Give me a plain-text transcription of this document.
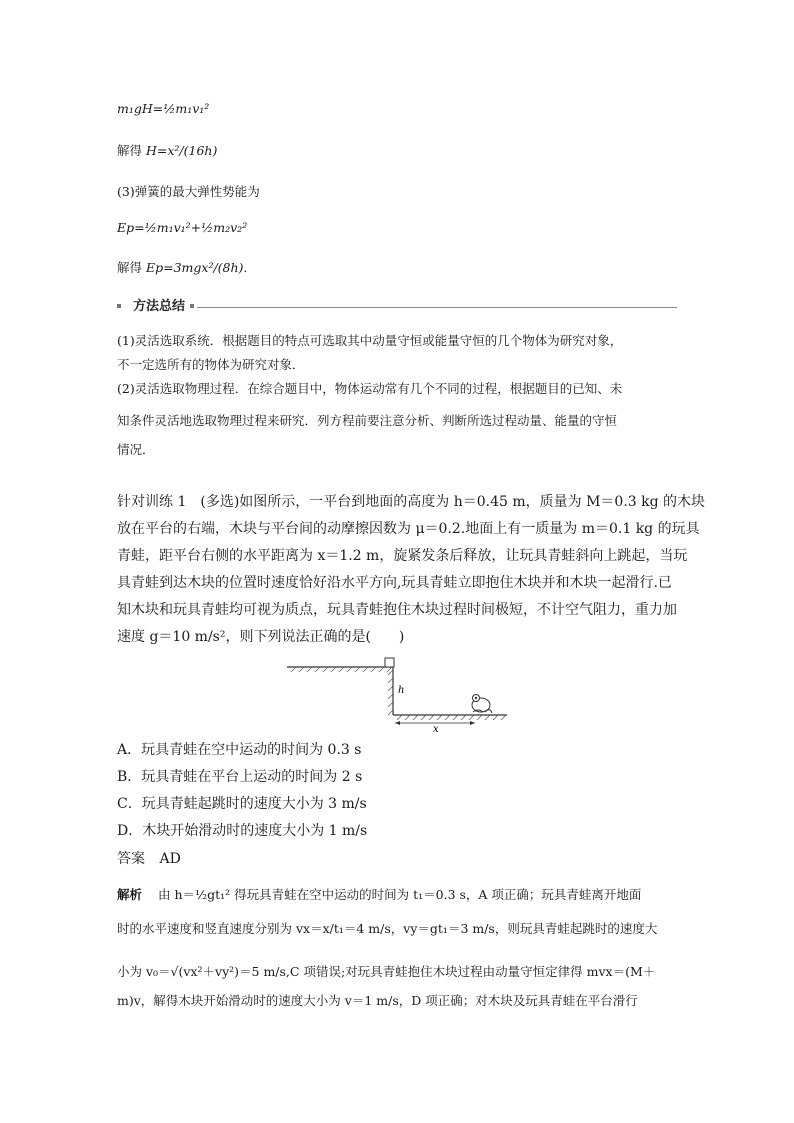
m₁gH=½m₁v₁²
解得 H=x²/(16h)
(3)弹簧的最大弹性势能为
Ep=½m₁v₁²+½m₂v₂²
解得 Ep=3mgx²/(8h).
方法总结
(1)灵活选取系统．根据题目的特点可选取其中动量守恒或能量守恒的几个物体为研究对象，
不一定选所有的物体为研究对象．
(2)灵活选取物理过程．在综合题目中，物体运动常有几个不同的过程，根据题目的已知、未
知条件灵活地选取物理过程来研究．列方程前要注意分析、判断所选过程动量、能量的守恒
情况．
针对训练 1　(多选)如图所示，一平台到地面的高度为 h＝0.45 m，质量为 M＝0.3 kg 的木块
放在平台的右端，木块与平台间的动摩擦因数为 μ＝0.2.地面上有一质量为 m＝0.1 kg 的玩具
青蛙，距平台右侧的水平距离为 x＝1.2 m，旋紧发条后释放，让玩具青蛙斜向上跳起，当玩
具青蛙到达木块的位置时速度恰好沿水平方向,玩具青蛙立即抱住木块并和木块一起滑行.已
知木块和玩具青蛙均可视为质点，玩具青蛙抱住木块过程时间极短，不计空气阻力，重力加
速度 g＝10 m/s²，则下列说法正确的是(　　)
h
x
A．玩具青蛙在空中运动的时间为 0.3 s
B．玩具青蛙在平台上运动的时间为 2 s
C．玩具青蛙起跳时的速度大小为 3 m/s
D．木块开始滑动时的速度大小为 1 m/s
答案 AD
解析 由 h＝½gt₁² 得玩具青蛙在空中运动的时间为 t₁＝0.3 s，A 项正确；玩具青蛙离开地面
时的水平速度和竖直速度分别为 vx＝x/t₁＝4 m/s，vy＝gt₁＝3 m/s，则玩具青蛙起跳时的速度大
小为 v₀＝√(vx²＋vy²)＝5 m/s,C 项错误;对玩具青蛙抱住木块过程由动量守恒定律得 mvx＝(M＋
m)v，解得木块开始滑动时的速度大小为 v＝1 m/s，D 项正确；对木块及玩具青蛙在平台滑行
